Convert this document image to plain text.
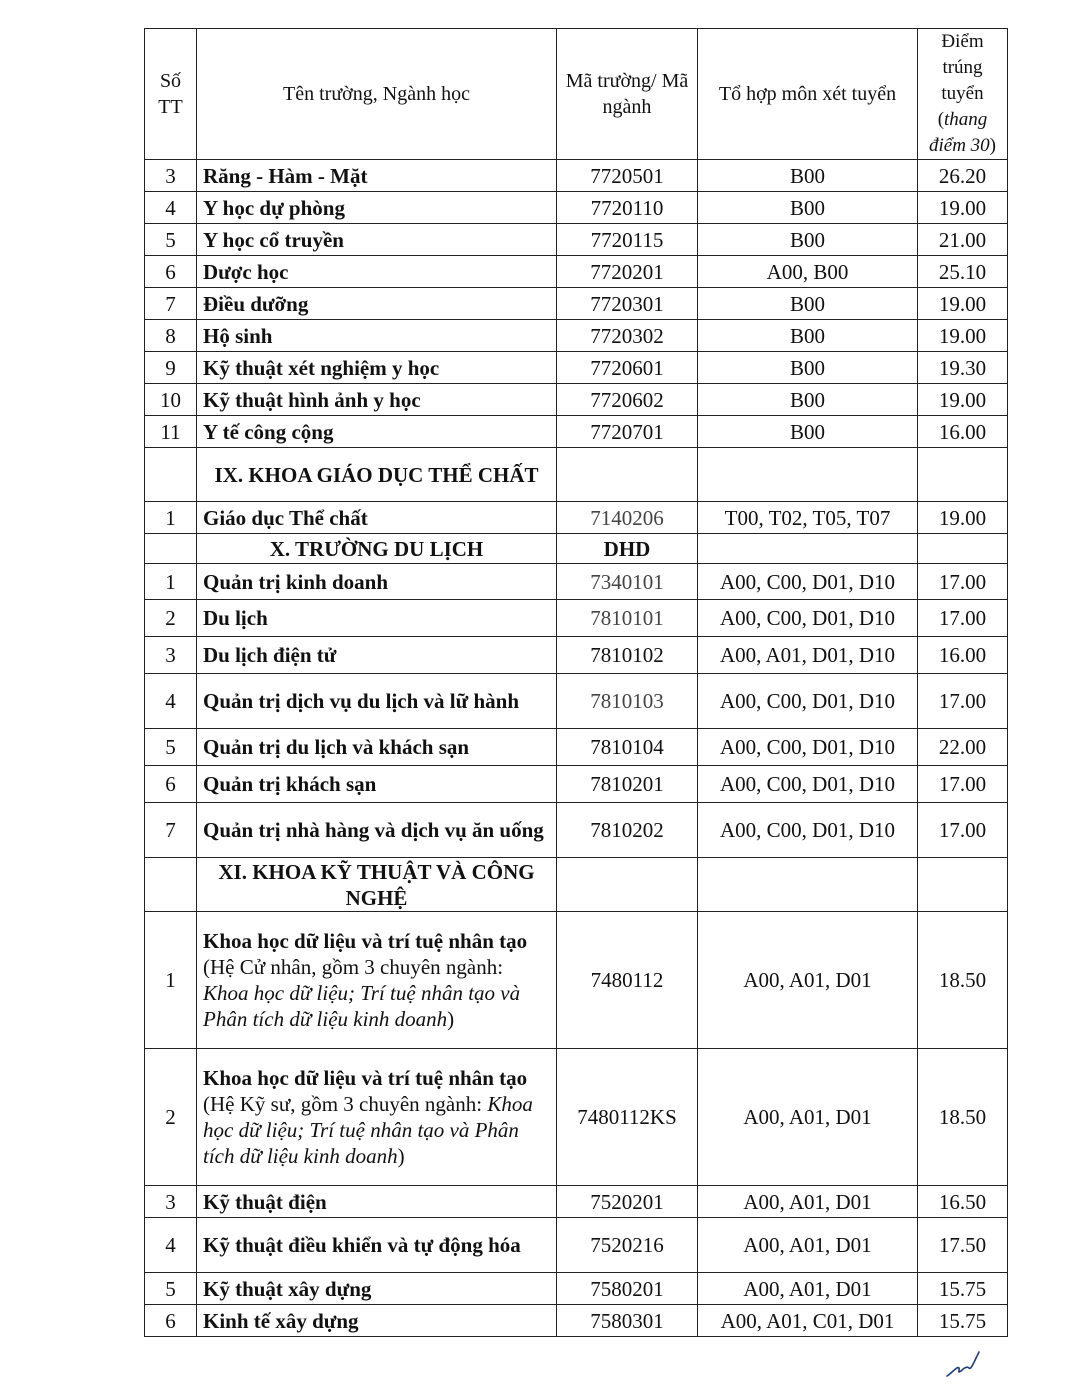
Số TT	Tên trường, Ngành học	Mã trường/ Mã ngành	Tổ hợp môn xét tuyển	Điểm trúng tuyển (thang điểm 30)
3	Răng - Hàm - Mặt	7720501	B00	26.20
4	Y học dự phòng	7720110	B00	19.00
5	Y học cổ truyền	7720115	B00	21.00
6	Dược học	7720201	A00, B00	25.10
7	Điều dưỡng	7720301	B00	19.00
8	Hộ sinh	7720302	B00	19.00
9	Kỹ thuật xét nghiệm y học	7720601	B00	19.30
10	Kỹ thuật hình ảnh y học	7720602	B00	19.00
11	Y tế công cộng	7720701	B00	16.00
	IX. KHOA GIÁO DỤC THỂ CHẤT			
1	Giáo dục Thể chất	7140206	T00, T02, T05, T07	19.00
	X. TRƯỜNG DU LỊCH	DHD		
1	Quản trị kinh doanh	7340101	A00, C00, D01, D10	17.00
2	Du lịch	7810101	A00, C00, D01, D10	17.00
3	Du lịch điện tử	7810102	A00, A01, D01, D10	16.00
4	Quản trị dịch vụ du lịch và lữ hành	7810103	A00, C00, D01, D10	17.00
5	Quản trị du lịch và khách sạn	7810104	A00, C00, D01, D10	22.00
6	Quản trị khách sạn	7810201	A00, C00, D01, D10	17.00
7	Quản trị nhà hàng và dịch vụ ăn uống	7810202	A00, C00, D01, D10	17.00
	XI. KHOA KỸ THUẬT VÀ CÔNG NGHỆ			
1	Khoa học dữ liệu và trí tuệ nhân tạo (Hệ Cử nhân, gồm 3 chuyên ngành: Khoa học dữ liệu; Trí tuệ nhân tạo và Phân tích dữ liệu kinh doanh)	7480112	A00, A01, D01	18.50
2	Khoa học dữ liệu và trí tuệ nhân tạo (Hệ Kỹ sư, gồm 3 chuyên ngành: Khoa học dữ liệu; Trí tuệ nhân tạo và Phân tích dữ liệu kinh doanh)	7480112KS	A00, A01, D01	18.50
3	Kỹ thuật điện	7520201	A00, A01, D01	16.50
4	Kỹ thuật điều khiển và tự động hóa	7520216	A00, A01, D01	17.50
5	Kỹ thuật xây dựng	7580201	A00, A01, D01	15.75
6	Kinh tế xây dựng	7580301	A00, A01, C01, D01	15.75
